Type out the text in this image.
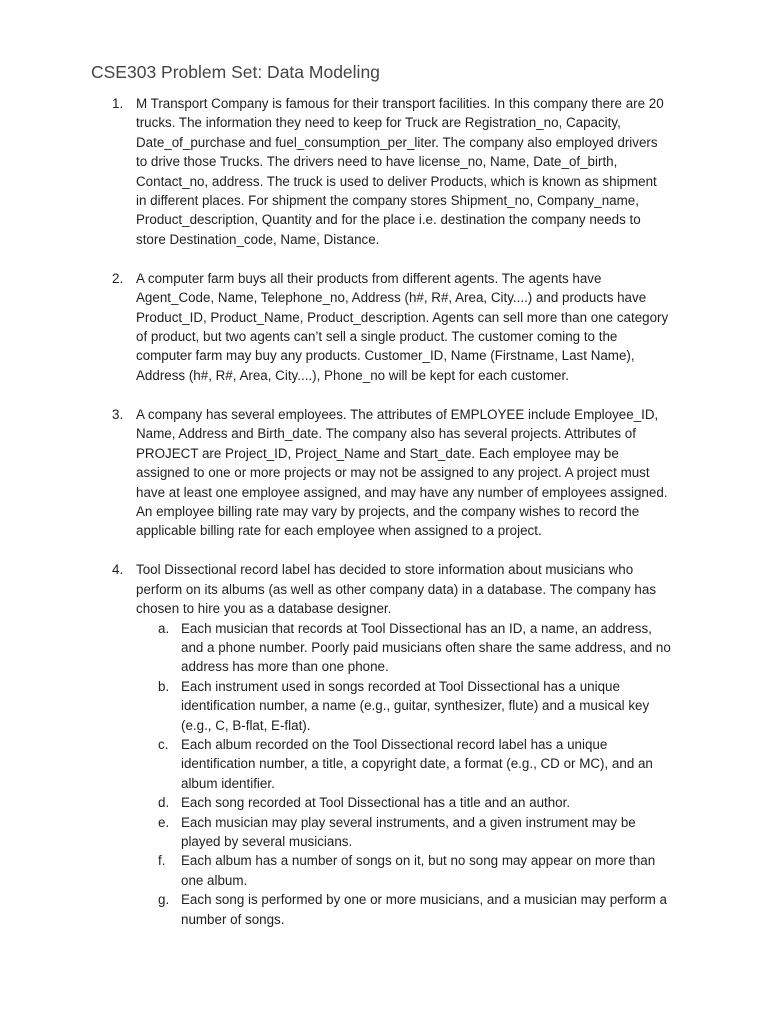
CSE303 Problem Set: Data Modeling
1. M Transport Company is famous for their transport facilities. In this company there are 20 trucks. The information they need to keep for Truck are Registration_no, Capacity, Date_of_purchase and fuel_consumption_per_liter. The company also employed drivers to drive those Trucks. The drivers need to have license_no, Name, Date_of_birth, Contact_no, address. The truck is used to deliver Products, which is known as shipment in different places. For shipment the company stores Shipment_no, Company_name, Product_description, Quantity and for the place i.e. destination the company needs to store Destination_code, Name, Distance.
2. A computer farm buys all their products from different agents. The agents have Agent_Code, Name, Telephone_no, Address (h#, R#, Area, City....) and products have Product_ID, Product_Name, Product_description. Agents can sell more than one category of product, but two agents can’t sell a single product. The customer coming to the computer farm may buy any products. Customer_ID, Name (Firstname, Last Name), Address (h#, R#, Area, City....), Phone_no will be kept for each customer.
3. A company has several employees. The attributes of EMPLOYEE include Employee_ID, Name, Address and Birth_date. The company also has several projects. Attributes of PROJECT are Project_ID, Project_Name and Start_date. Each employee may be assigned to one or more projects or may not be assigned to any project. A project must have at least one employee assigned, and may have any number of employees assigned. An employee billing rate may vary by projects, and the company wishes to record the applicable billing rate for each employee when assigned to a project.
4. Tool Dissectional record label has decided to store information about musicians who perform on its albums (as well as other company data) in a database. The company has chosen to hire you as a database designer.
a. Each musician that records at Tool Dissectional has an ID, a name, an address, and a phone number. Poorly paid musicians often share the same address, and no address has more than one phone.
b. Each instrument used in songs recorded at Tool Dissectional has a unique identification number, a name (e.g., guitar, synthesizer, flute) and a musical key (e.g., C, B-flat, E-flat).
c. Each album recorded on the Tool Dissectional record label has a unique identification number, a title, a copyright date, a format (e.g., CD or MC), and an album identifier.
d. Each song recorded at Tool Dissectional has a title and an author.
e. Each musician may play several instruments, and a given instrument may be played by several musicians.
f. Each album has a number of songs on it, but no song may appear on more than one album.
g. Each song is performed by one or more musicians, and a musician may perform a number of songs.
